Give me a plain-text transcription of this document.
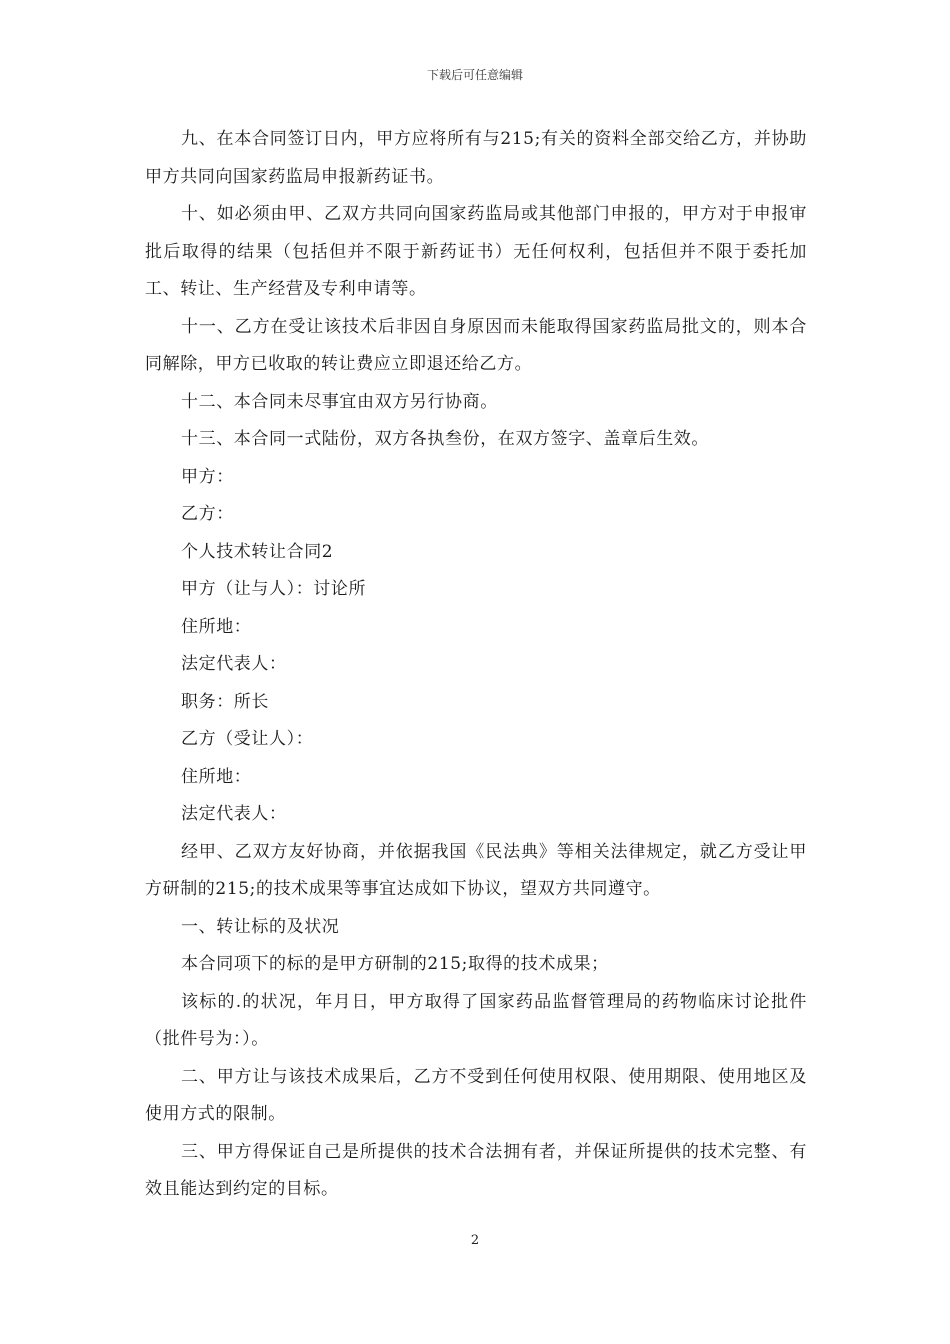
下载后可任意编辑

九、在本合同签订日内，甲方应将所有与215;有关的资料全部交给乙方，并协助甲方共同向国家药监局申报新药证书。

十、如必须由甲、乙双方共同向国家药监局或其他部门申报的，甲方对于申报审批后取得的结果（包括但并不限于新药证书）无任何权利，包括但并不限于委托加工、转让、生产经营及专利申请等。

十一、乙方在受让该技术后非因自身原因而未能取得国家药监局批文的，则本合同解除，甲方已收取的转让费应立即退还给乙方。

十二、本合同未尽事宜由双方另行协商。

十三、本合同一式陆份，双方各执叁份，在双方签字、盖章后生效。

甲方：

乙方：

个人技术转让合同2

甲方（让与人）：讨论所

住所地：

法定代表人：

职务：所长

乙方（受让人）：

住所地：

法定代表人：

经甲、乙双方友好协商，并依据我国《民法典》等相关法律规定，就乙方受让甲方研制的215;的技术成果等事宜达成如下协议，望双方共同遵守。

一、转让标的及状况

本合同项下的标的是甲方研制的215;取得的技术成果；

该标的.的状况，年月日，甲方取得了国家药品监督管理局的药物临床讨论批件（批件号为：）。

二、甲方让与该技术成果后，乙方不受到任何使用权限、使用期限、使用地区及使用方式的限制。

三、甲方得保证自己是所提供的技术合法拥有者，并保证所提供的技术完整、有效且能达到约定的目标。

2
